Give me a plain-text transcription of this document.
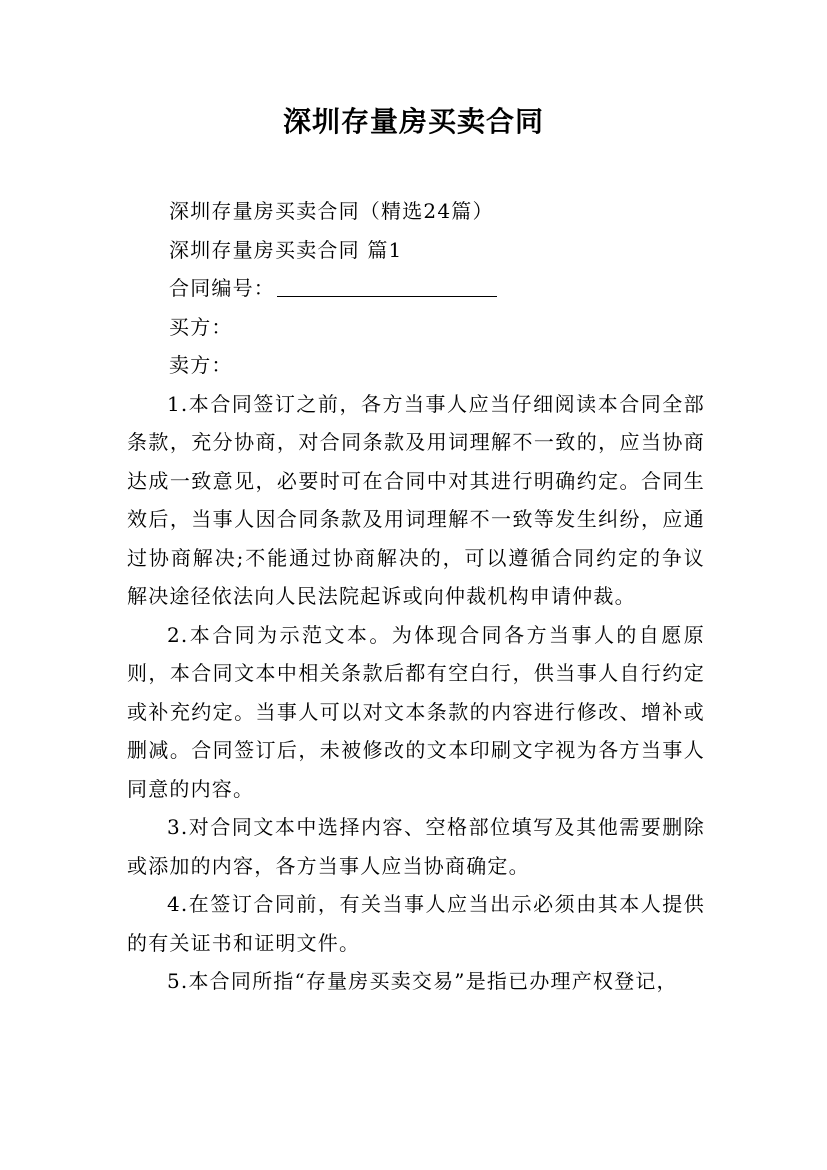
深圳存量房买卖合同

深圳存量房买卖合同（精选24篇）

深圳存量房买卖合同 篇1

合同编号：

买方：

卖方：

1.本合同签订之前，各方当事人应当仔细阅读本合同全部条款，充分协商，对合同条款及用词理解不一致的，应当协商达成一致意见，必要时可在合同中对其进行明确约定。合同生效后，当事人因合同条款及用词理解不一致等发生纠纷，应通过协商解决;不能通过协商解决的，可以遵循合同约定的争议解决途径依法向人民法院起诉或向仲裁机构申请仲裁。

2.本合同为示范文本。为体现合同各方当事人的自愿原则，本合同文本中相关条款后都有空白行，供当事人自行约定或补充约定。当事人可以对文本条款的内容进行修改、增补或删减。合同签订后，未被修改的文本印刷文字视为各方当事人同意的内容。

3.对合同文本中选择内容、空格部位填写及其他需要删除或添加的内容，各方当事人应当协商确定。

4.在签订合同前，有关当事人应当出示必须由其本人提供的有关证书和证明文件。

5.本合同所指“存量房买卖交易”是指已办理产权登记，
